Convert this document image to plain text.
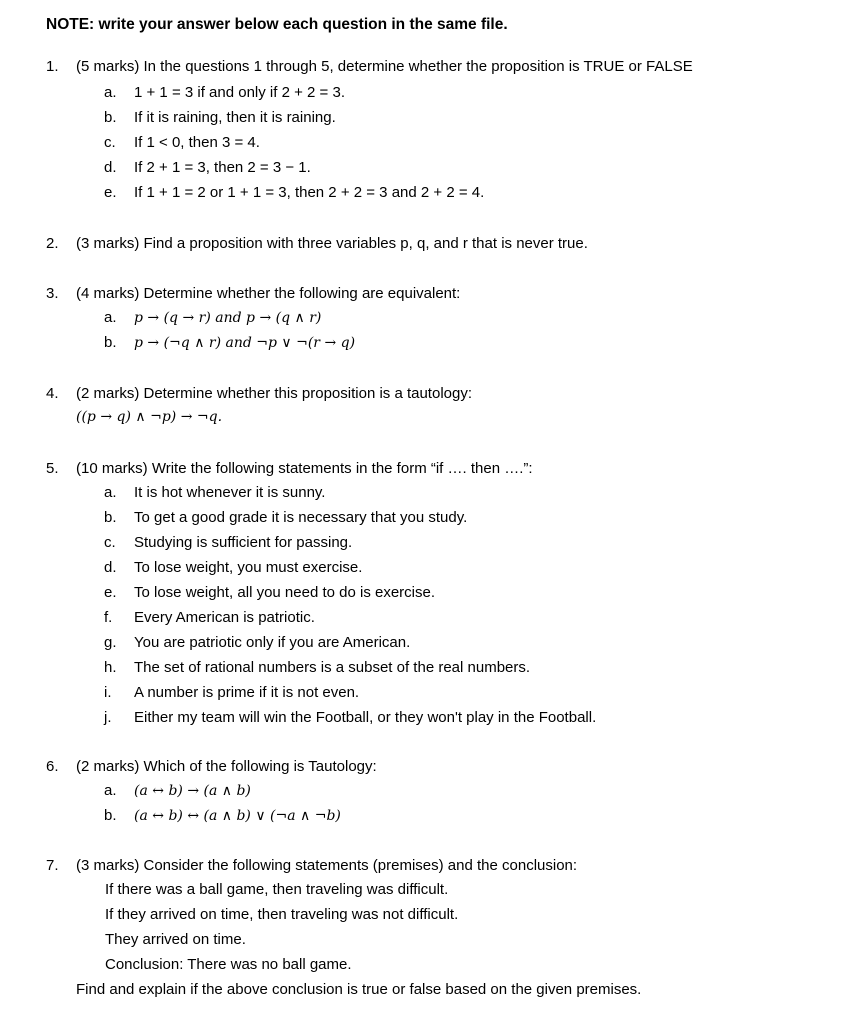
NOTE: write your answer below each question in the same file.
1.	(5 marks) In the questions 1 through 5, determine whether the proposition is TRUE or FALSE
a.	1 + 1 = 3 if and only if 2 + 2 = 3.
b.	If it is raining, then it is raining.
c.	If 1 < 0, then 3 = 4.
d.	If 2 + 1 = 3, then 2 = 3 − 1.
e.	If 1 + 1 = 2 or 1 + 1 = 3, then 2 + 2 = 3 and 2 + 2 = 4.
2.	(3 marks) Find a proposition with three variables p, q, and r that is never true.
3.	(4 marks) Determine whether the following are equivalent:
a.	p → (q → r) and p → (q ∧ r)
b.	p → (¬q ∧ r) and ¬p ∨ ¬(r → q)
4.	(2 marks) Determine whether this proposition is a tautology:
((p → q) ∧ ¬p) → ¬q.
5.	(10 marks) Write the following statements in the form “if …. then ….”:
a.	It is hot whenever it is sunny.
b.	To get a good grade it is necessary that you study.
c.	Studying is sufficient for passing.
d.	To lose weight, you must exercise.
e.	To lose weight, all you need to do is exercise.
f.	Every American is patriotic.
g.	You are patriotic only if you are American.
h.	The set of rational numbers is a subset of the real numbers.
i.	A number is prime if it is not even.
j.	Either my team will win the Football, or they won't play in the Football.
6.	(2 marks) Which of the following is Tautology:
a.	(a ↔ b) → (a ∧ b)
b.	(a ↔ b) ↔ (a ∧ b) ∨ (¬a ∧ ¬b)
7.	(3 marks) Consider the following statements (premises) and the conclusion:
If there was a ball game, then traveling was difficult.
If they arrived on time, then traveling was not difficult.
They arrived on time.
Conclusion: There was no ball game.
Find and explain if the above conclusion is true or false based on the given premises.
